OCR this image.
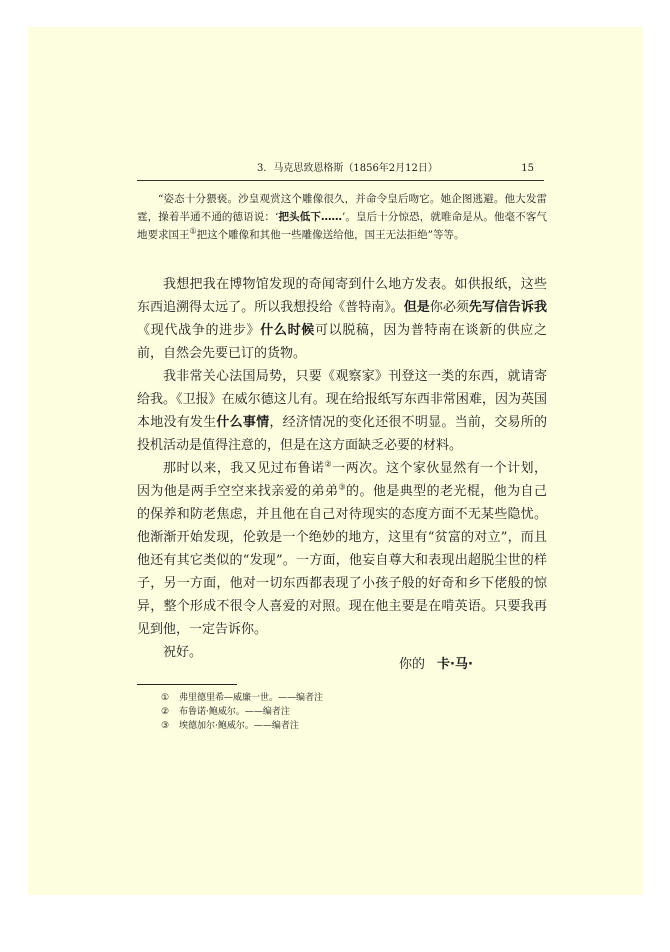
3．马克思致恩格斯（1856年2月12日）	15

“姿态十分猥亵。沙皇观赏这个雕像很久，并命令皇后吻它。她企图逃避。他大发雷霆，操着半通不通的德语说：‘把头低下……’。皇后十分惊恐，就唯命是从。他毫不客气地要求国王①把这个雕像和其他一些雕像送给他，国王无法拒绝”等等。

我想把我在博物馆发现的奇闻寄到什么地方发表。如供报纸，这些东西追溯得太远了。所以我想投给《普特南》。但是你必须先写信告诉我《现代战争的进步》什么时候可以脱稿，因为普特南在谈新的供应之前，自然会先要已订的货物。

我非常关心法国局势，只要《观察家》刊登这一类的东西，就请寄给我。《卫报》在威尔德这儿有。现在给报纸写东西非常困难，因为英国本地没有发生什么事情，经济情况的变化还很不明显。当前，交易所的投机活动是值得注意的，但是在这方面缺乏必要的材料。

那时以来，我又见过布鲁诺②一两次。这个家伙显然有一个计划，因为他是两手空空来找亲爱的弟弟③的。他是典型的老光棍，他为自己的保养和防老焦虑，并且他在自己对待现实的态度方面不无某些隐忧。他渐渐开始发现，伦敦是一个绝妙的地方，这里有“贫富的对立”，而且他还有其它类似的“发现”。一方面，他妄自尊大和表现出超脱尘世的样子，另一方面，他对一切东西都表现了小孩子般的好奇和乡下佬般的惊异，整个形成不很令人喜爱的对照。现在他主要是在啃英语。只要我再见到他，一定告诉你。

祝好。

你的 卡·马·
① 弗里德里希—威廉一世。——编者注
② 布鲁诺·鲍威尔。——编者注
③ 埃德加尔·鲍威尔。——编者注
